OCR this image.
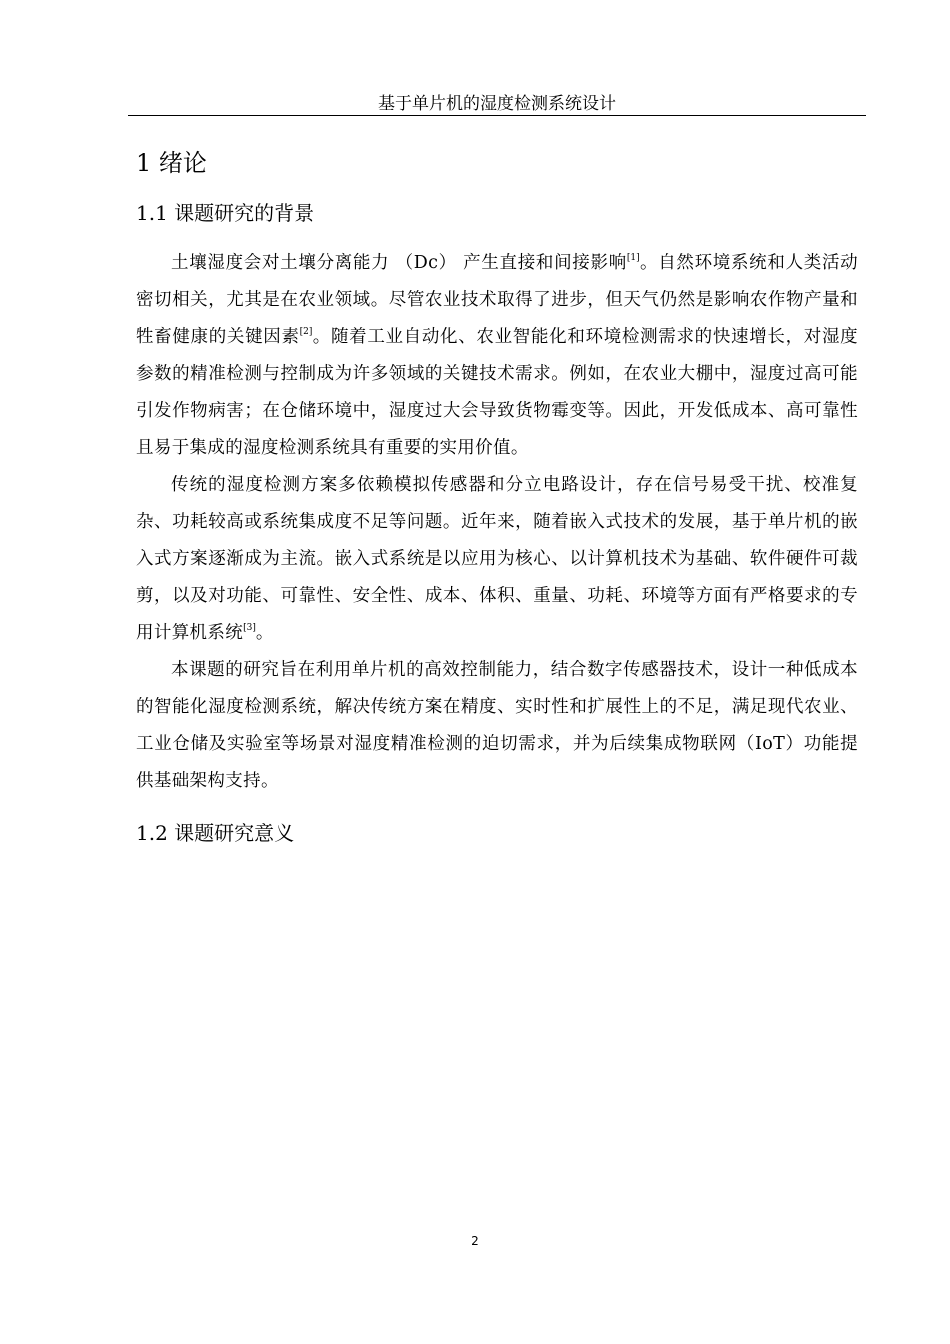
基于单片机的湿度检测系统设计
1 绪论
1.1 课题研究的背景

土壤湿度会对土壤分离能力 （Dc） 产生直接和间接影响[1]。自然环境系统和人类活动密切相关，尤其是在农业领域。尽管农业技术取得了进步，但天气仍然是影响农作物产量和牲畜健康的关键因素[2]。随着工业自动化、农业智能化和环境检测需求的快速增长，对湿度参数的精准检测与控制成为许多领域的关键技术需求。例如，在农业大棚中，湿度过高可能引发作物病害；在仓储环境中，湿度过大会导致货物霉变等。因此，开发低成本、高可靠性且易于集成的湿度检测系统具有重要的实用价值。

传统的湿度检测方案多依赖模拟传感器和分立电路设计，存在信号易受干扰、校准复杂、功耗较高或系统集成度不足等问题。近年来，随着嵌入式技术的发展，基于单片机的嵌入式方案逐渐成为主流。嵌入式系统是以应用为核心、以计算机技术为基础、软件硬件可裁剪，以及对功能、可靠性、安全性、成本、体积、重量、功耗、环境等方面有严格要求的专用计算机系统[3]。

本课题的研究旨在利用单片机的高效控制能力，结合数字传感器技术，设计一种低成本的智能化湿度检测系统，解决传统方案在精度、实时性和扩展性上的不足，满足现代农业、工业仓储及实验室等场景对湿度精准检测的迫切需求，并为后续集成物联网（IoT）功能提供基础架构支持。

1.2 课题研究意义
2
